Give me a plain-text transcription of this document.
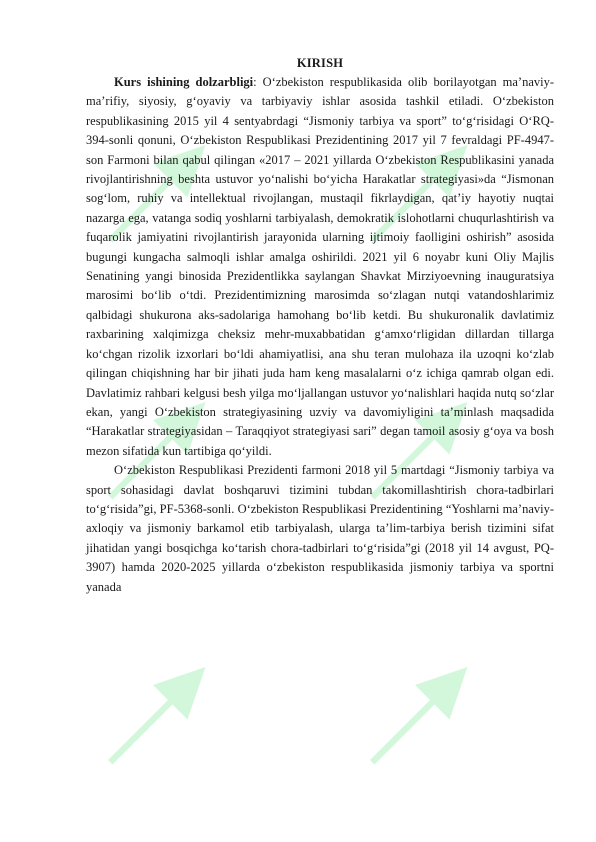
KIRISH

Kurs ishining dolzarbligi: O‘zbekiston respublikasida olib borilayotgan ma’naviy-ma’rifiy, siyosiy, g‘oyaviy va tarbiyaviy ishlar asosida tashkil etiladi. O‘zbekiston respublikasining 2015 yil 4 sentyabrdagi “Jismoniy tarbiya va sport” to‘g‘risidagi O‘RQ-394-sonli qonuni, O‘zbekiston Respublikasi Prezidentining 2017 yil 7 fevraldagi PF-4947-son Farmoni bilan qabul qilingan «2017 – 2021 yillarda O‘zbekiston Respublikasini yanada rivojlantirishning beshta ustuvor yo‘nalishi bo‘yicha Harakatlar strategiyasi»da “Jismonan sog‘lom, ruhiy va intellektual rivojlangan, mustaqil fikrlaydigan, qat’iy hayotiy nuqtai nazarga ega, vatanga sodiq yoshlarni tarbiyalash, demokratik islohotlarni chuqurlashtirish va fuqarolik jamiyatini rivojlantirish jarayonida ularning ijtimoiy faolligini oshirish” asosida bugungi kungacha salmoqli ishlar amalga oshirildi. 2021 yil 6 noyabr kuni Oliy Majlis Senatining yangi binosida Prezidentlikka saylangan Shavkat Mirziyoevning inauguratsiya marosimi bo‘lib o‘tdi. Prezidentimizning marosimda so‘zlagan nutqi vatandoshlarimiz qalbidagi shukurona aks-sadolariga hamohang bo‘lib ketdi. Bu shukuronalik davlatimiz raxbarining xalqimizga cheksiz mehr-muxabbatidan g‘amxo‘rligidan dillardan tillarga ko‘chgan rizolik izxorlari bo‘ldi ahamiyatlisi, ana shu teran mulohaza ila uzoqni ko‘zlab qilingan chiqishning har bir jihati juda ham keng masalalarni o‘z ichiga qamrab olgan edi. Davlatimiz rahbari kelgusi besh yilga mo‘ljallangan ustuvor yo‘nalishlari haqida nutq so‘zlar ekan, yangi O‘zbekiston strategiyasining uzviy va davomiyligini ta’minlash maqsadida “Harakatlar strategiyasidan – Taraqqiyot strategiyasi sari” degan tamoil asosiy g‘oya va bosh mezon sifatida kun tartibiga qo‘yildi.

O‘zbekiston Respublikasi Prezidenti farmoni 2018 yil 5 martdagi “Jismoniy tarbiya va sport sohasidagi davlat boshqaruvi tizimini tubdan takomillashtirish chora-tadbirlari to‘g‘risida”gi, PF-5368-sonli. O‘zbekiston Respublikasi Prezidentining “Yoshlarni ma’naviy-axloqiy va jismoniy barkamol etib tarbiyalash, ularga ta’lim-tarbiya berish tizimini sifat jihatidan yangi bosqichga ko‘tarish chora-tadbirlari to‘g‘risida”gi (2018 yil 14 avgust, PQ-3907) hamda 2020-2025 yillarda o‘zbekiston respublikasida jismoniy tarbiya va sportni yanada
